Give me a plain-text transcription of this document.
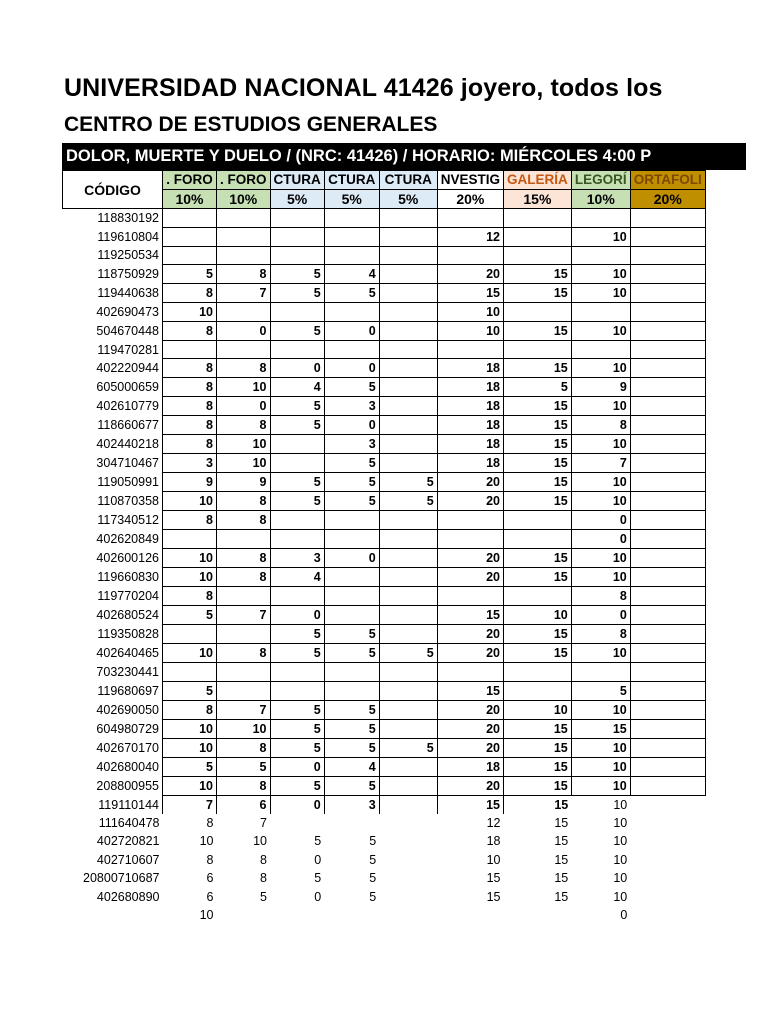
UNIVERSIDAD NACIONAL 41426 joyero, todos los
CENTRO DE ESTUDIOS GENERALES
DOLOR, MUERTE Y DUELO / (NRC: 41426) / HORARIO: MIÉRCOLES 4:00 P
CÓDIGO	. FORO	. FORO	CTURA	CTURA	CTURA	NVESTIG	GALERÍA	LEGORÍ	ORTAFOLI
	10%	10%	5%	5%	5%	20%	15%	10%	20%
118830192									
119610804						12		10	
119250534									
118750929	5	8	5	4		20	15	10	
119440638	8	7	5	5		15	15	10	
402690473	10					10			
504670448	8	0	5	0		10	15	10	
119470281									
402220944	8	8	0	0		18	15	10	
605000659	8	10	4	5		18	5	9	
402610779	8	0	5	3		18	15	10	
118660677	8	8	5	0		18	15	8	
402440218	8	10		3		18	15	10	
304710467	3	10		5		18	15	7	
119050991	9	9	5	5	5	20	15	10	
110870358	10	8	5	5	5	20	15	10	
117340512	8	8						0	
402620849								0	
402600126	10	8	3	0		20	15	10	
119660830	10	8	4			20	15	10	
119770204	8							8	
402680524	5	7	0			15	10	0	
119350828			5	5		20	15	8	
402640465	10	8	5	5	5	20	15	10	
703230441									
119680697	5					15		5	
402690050	8	7	5	5		20	10	10	
604980729	10	10	5	5		20	15	15	
402670170	10	8	5	5	5	20	15	10	
402680040	5	5	0	4		18	15	10	
208800955	10	8	5	5		20	15	10	
119110144	7	6	0	3		15	15	10	
111640478	8	7				12	15	10	
402720821	10	10	5	5		18	15	10	
402710607	8	8	0	5		10	15	10	
20800710687	6	8	5	5		15	15	10	
402680890	6	5	0	5		15	15	10	
	10							0	
